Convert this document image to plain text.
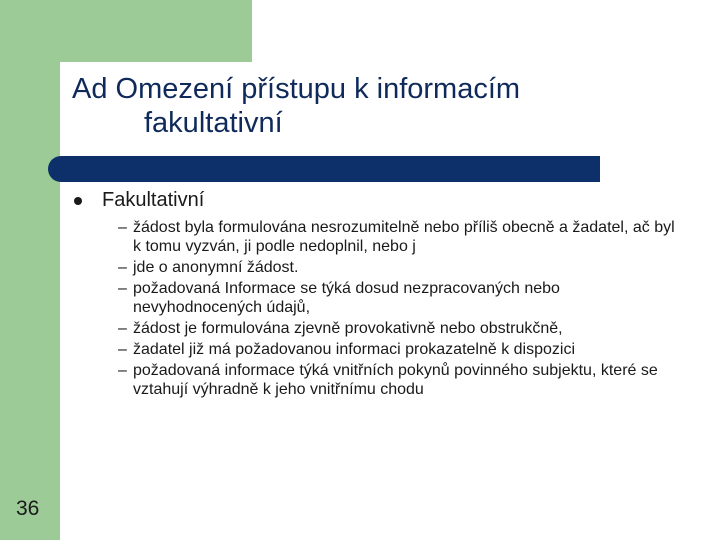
Ad Omezení přístupu k informacím
fakultativní
Fakultativní
– žádost byla formulována nesrozumitelně nebo příliš obecně a žadatel, ač byl k tomu vyzván, ji podle nedoplnil, nebo j
– jde o anonymní žádost.
– požadovaná Informace se týká dosud nezpracovaných nebo nevyhodnocených údajů,
– žádost je formulována zjevně provokativně nebo obstrukčně,
– žadatel již má požadovanou informaci prokazatelně k dispozici
– požadovaná informace týká vnitřních pokynů povinného subjektu, které se vztahují výhradně k jeho vnitřnímu chodu
36
